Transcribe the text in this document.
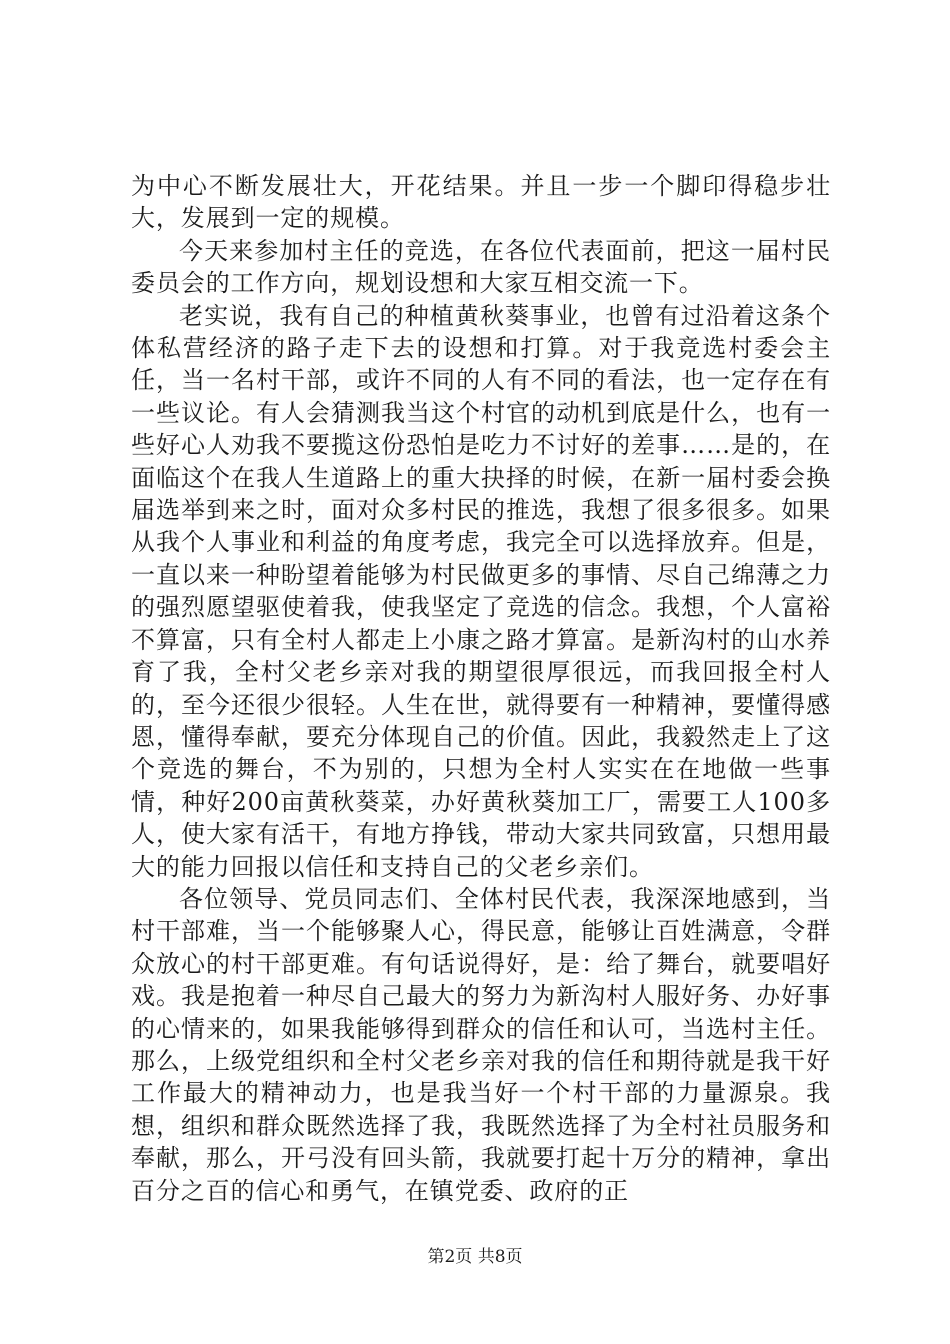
为中心不断发展壮大，开花结果。并且一步一个脚印得稳步壮大，发展到一定的规模。

今天来参加村主任的竞选，在各位代表面前，把这一届村民委员会的工作方向，规划设想和大家互相交流一下。

老实说，我有自己的种植黄秋葵事业，也曾有过沿着这条个体私营经济的路子走下去的设想和打算。对于我竞选村委会主任，当一名村干部，或许不同的人有不同的看法，也一定存在有一些议论。有人会猜测我当这个村官的动机到底是什么，也有一些好心人劝我不要揽这份恐怕是吃力不讨好的差事……是的，在面临这个在我人生道路上的重大抉择的时候，在新一届村委会换届选举到来之时，面对众多村民的推选，我想了很多很多。如果从我个人事业和利益的角度考虑，我完全可以选择放弃。但是，一直以来一种盼望着能够为村民做更多的事情、尽自己绵薄之力的强烈愿望驱使着我，使我坚定了竞选的信念。我想，个人富裕不算富，只有全村人都走上小康之路才算富。是新沟村的山水养育了我，全村父老乡亲对我的期望很厚很远，而我回报全村人的，至今还很少很轻。人生在世，就得要有一种精神，要懂得感恩，懂得奉献，要充分体现自己的价值。因此，我毅然走上了这个竞选的舞台，不为别的，只想为全村人实实在在地做一些事情，种好200亩黄秋葵菜，办好黄秋葵加工厂，需要工人100多人，使大家有活干，有地方挣钱，带动大家共同致富，只想用最大的能力回报以信任和支持自己的父老乡亲们。

各位领导、党员同志们、全体村民代表，我深深地感到，当村干部难，当一个能够聚人心，得民意，能够让百姓满意，令群众放心的村干部更难。有句话说得好，是：给了舞台，就要唱好戏。我是抱着一种尽自己最大的努力为新沟村人服好务、办好事的心情来的，如果我能够得到群众的信任和认可，当选村主任。那么，上级党组织和全村父老乡亲对我的信任和期待就是我干好工作最大的精神动力，也是我当好一个村干部的力量源泉。我想，组织和群众既然选择了我，我既然选择了为全村社员服务和奉献，那么，开弓没有回头箭，我就要打起十万分的精神，拿出百分之百的信心和勇气，在镇党委、政府的正

第2页 共8页
